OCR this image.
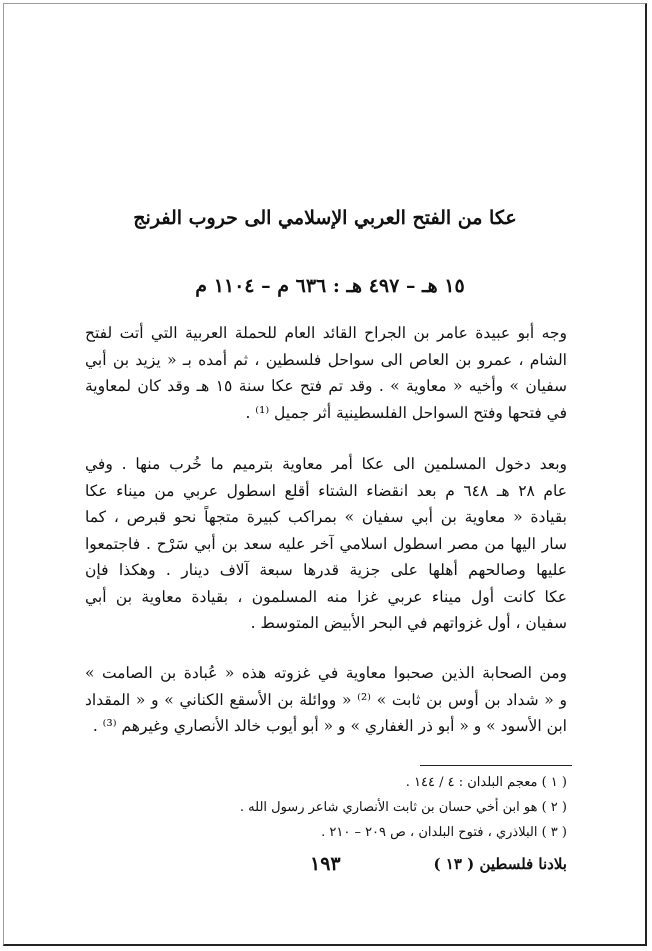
عكا من الفتح العربي الإسلامي الى حروب الفرنج
١٥ هـ – ٤٩٧ هـ : ٦٣٦ م – ١١٠٤ م
وجه أبو عبيدة عامر بن الجراح القائد العام للحملة العربية التي أتت لفتح
الشام ، عمرو بن العاص الى سواحل فلسطين ، ثم أمده بـ « يزيد بن أبي
سفيان » وأخيه « معاوية » . وقد تم فتح عكا سنة ١٥ هـ وقد كان لمعاوية
في فتحها وفتح السواحل الفلسطينية أثر جميل ⁽¹⁾ .
وبعد دخول المسلمين الى عكا أمر معاوية بترميم ما خُرب منها . وفي
عام ٢٨ هـ ٦٤٨ م بعد انقضاء الشتاء أقلع اسطول عربي من ميناء عكا
بقيادة « معاوية بن أبي سفيان » بمراكب كبيرة متجهاً نحو قبرص ، كما
سار اليها من مصر اسطول اسلامي آخر عليه سعد بن أبي سَرْح . فاجتمعوا
عليها وصالحهم أهلها على جزية قدرها سبعة آلاف دينار . وهكذا فإن
عكا كانت أول ميناء عربي غزا منه المسلمون ، بقيادة معاوية بن أبي
سفيان ، أول غزواتهم في البحر الأبيض المتوسط .
ومن الصحابة الذين صحبوا معاوية في غزوته هذه « عُبادة بن الصامت »
و « شداد بن أوس بن ثابت » ⁽²⁾ « ووائلة بن الأسقع الكناني » و « المقداد
ابن الأسود » و « أبو ذر الغفاري » و « أبو أيوب خالد الأنصاري وغيرهم ⁽³⁾ .
( ١ ) معجم البلدان : ٤ / ١٤٤ .
( ٢ ) هو ابن أخي حسان بن ثابت الأنصاري شاعر رسول الله .
( ٣ ) البلاذري ، فتوح البلدان ، ص ٢٠٩ – ٢١٠ .
بلادنا فلسطين ( ١٣ )
١٩٣
